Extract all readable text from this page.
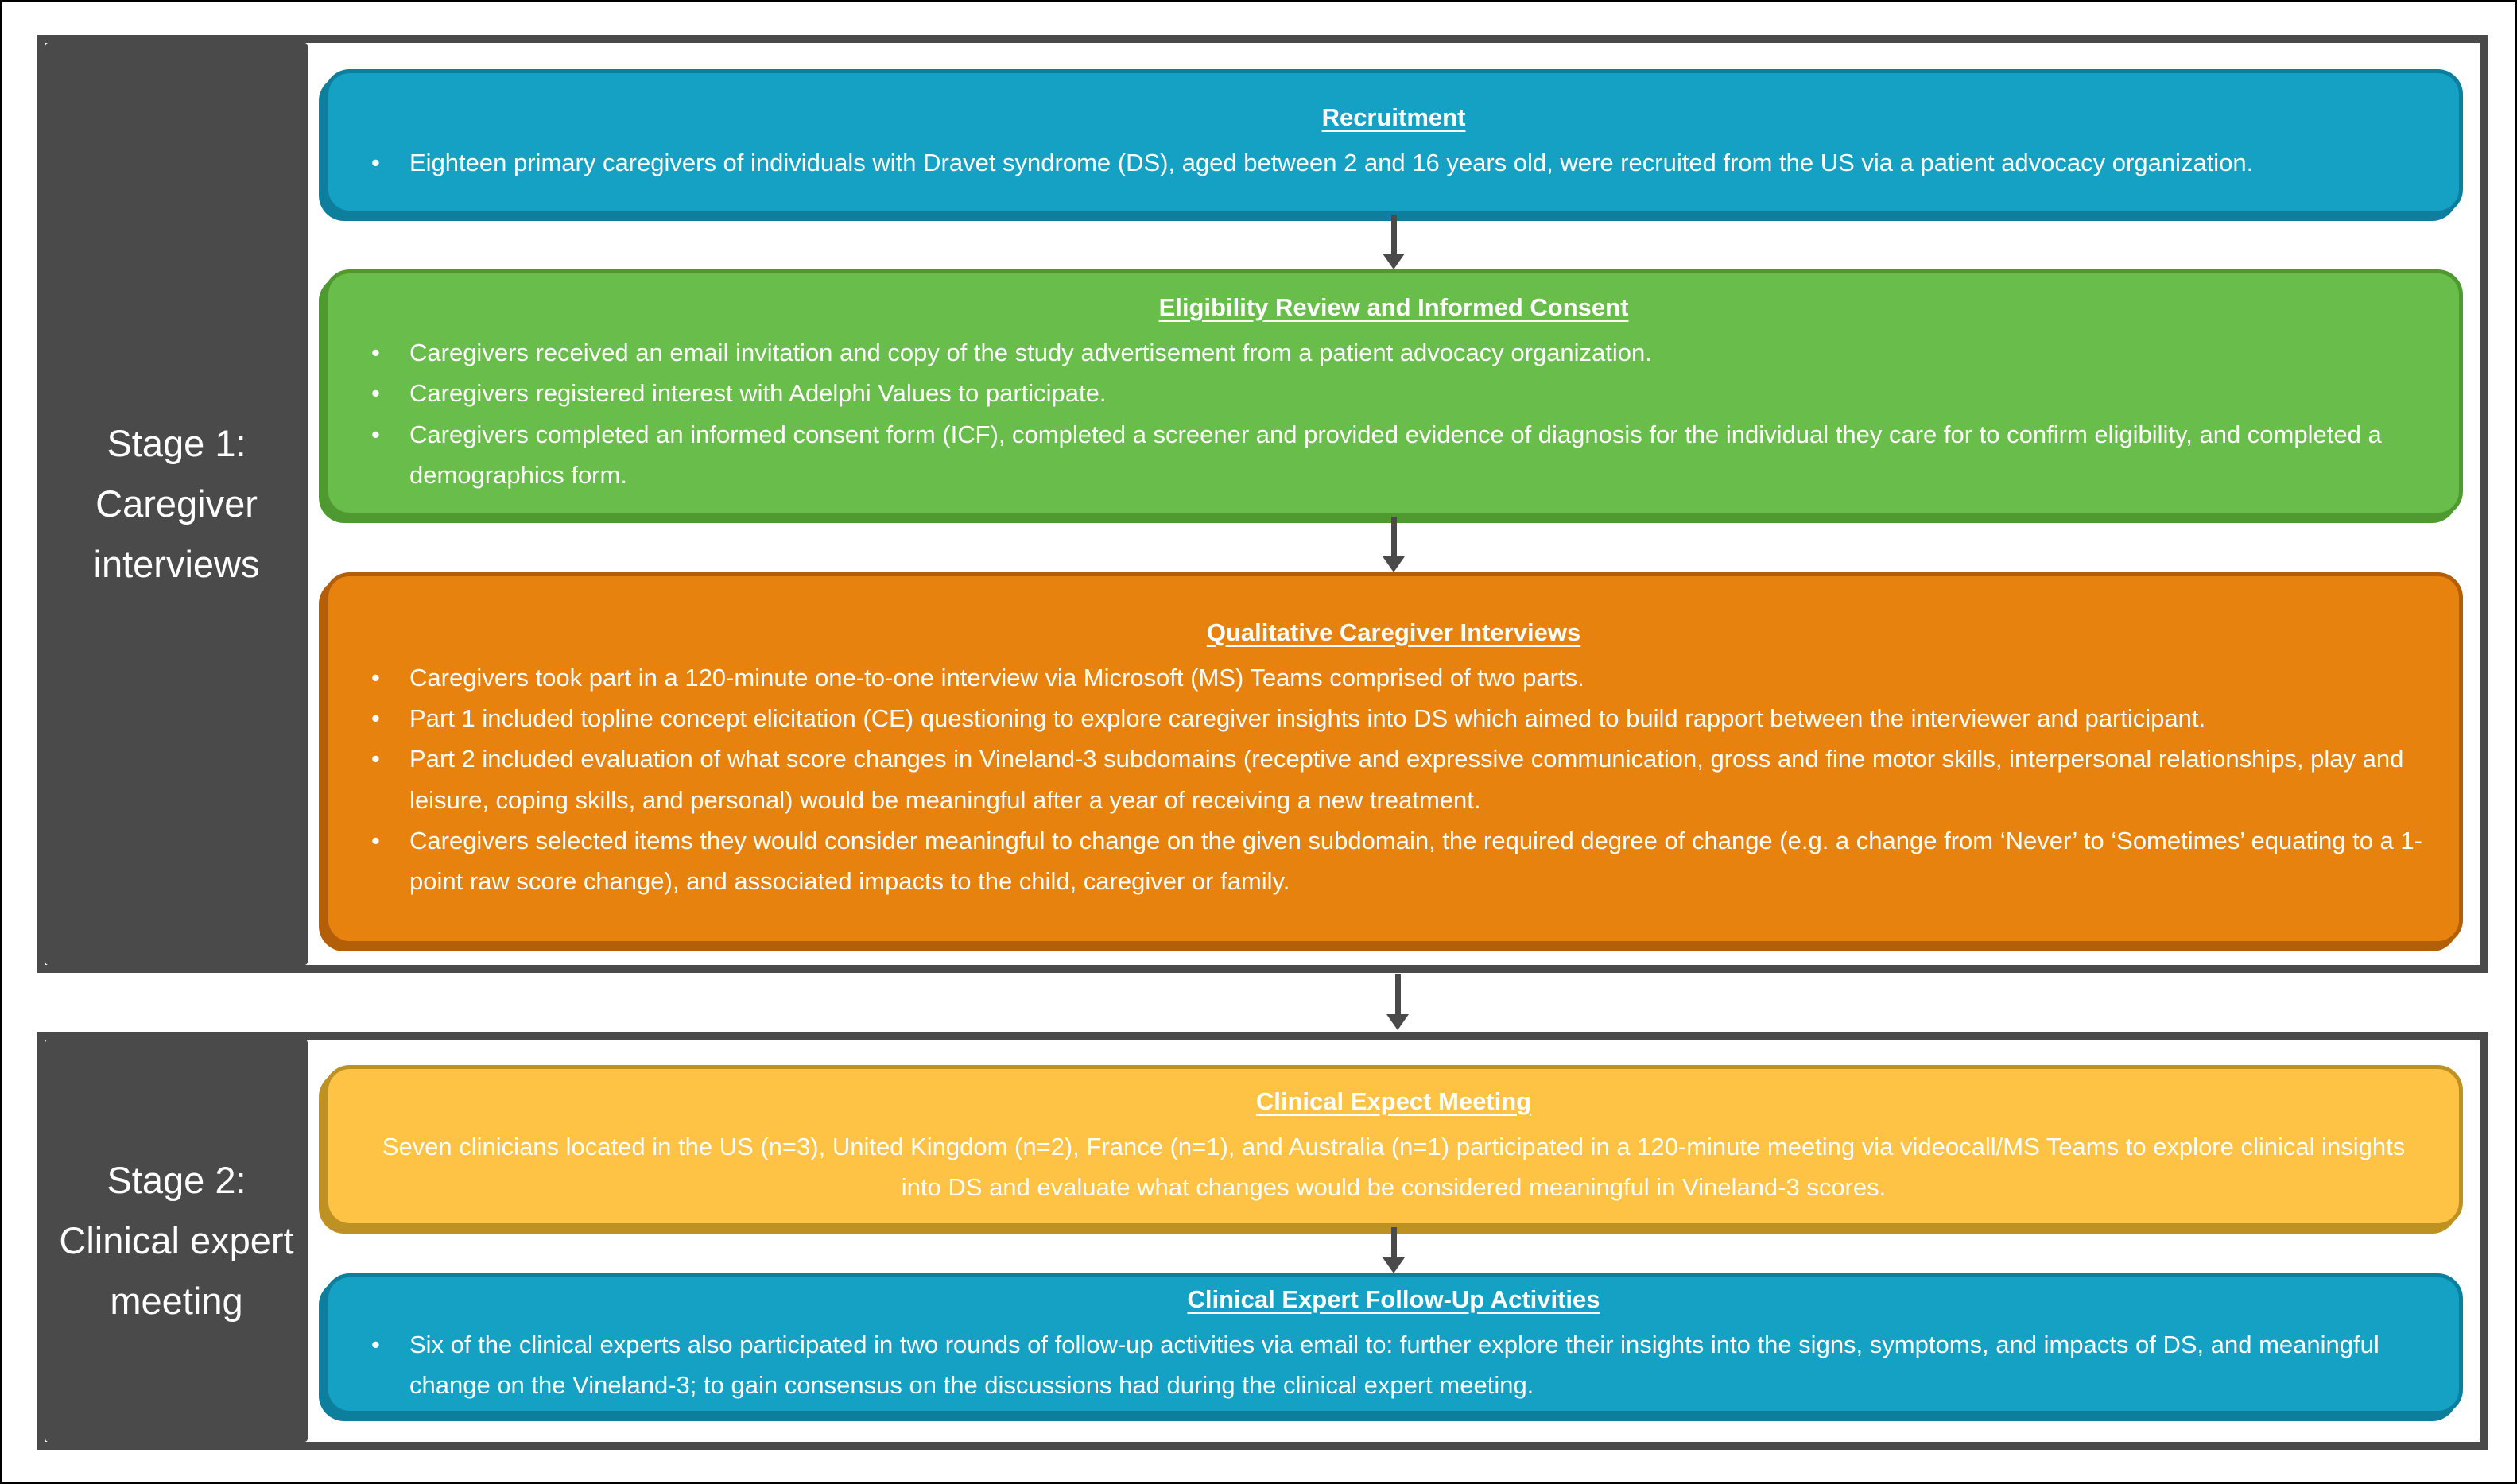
Stage 1: Caregiver interviews
Recruitment
• Eighteen primary caregivers of individuals with Dravet syndrome (DS), aged between 2 and 16 years old, were recruited from the US via a patient advocacy organization.
Eligibility Review and Informed Consent
• Caregivers received an email invitation and copy of the study advertisement from a patient advocacy organization.
• Caregivers registered interest with Adelphi Values to participate.
• Caregivers completed an informed consent form (ICF), completed a screener and provided evidence of diagnosis for the individual they care for to confirm eligibility, and completed a demographics form.
Qualitative Caregiver Interviews
• Caregivers took part in a 120-minute one-to-one interview via Microsoft (MS) Teams comprised of two parts.
• Part 1 included topline concept elicitation (CE) questioning to explore caregiver insights into DS which aimed to build rapport between the interviewer and participant.
• Part 2 included evaluation of what score changes in Vineland-3 subdomains (receptive and expressive communication, gross and fine motor skills, interpersonal relationships, play and leisure, coping skills, and personal) would be meaningful after a year of receiving a new treatment.
• Caregivers selected items they would consider meaningful to change on the given subdomain, the required degree of change (e.g. a change from ‘Never’ to ‘Sometimes’ equating to a 1-point raw score change), and associated impacts to the child, caregiver or family.
Stage 2: Clinical expert meeting
Clinical Expect Meeting

Seven clinicians located in the US (n=3), United Kingdom (n=2), France (n=1), and Australia (n=1) participated in a 120-minute meeting via videocall/MS Teams to explore clinical insights into DS and evaluate what changes would be considered meaningful in Vineland-3 scores.

Clinical Expert Follow-Up Activities
• Six of the clinical experts also participated in two rounds of follow-up activities via email to: further explore their insights into the signs, symptoms, and impacts of DS, and meaningful change on the Vineland-3; to gain consensus on the discussions had during the clinical expert meeting.
